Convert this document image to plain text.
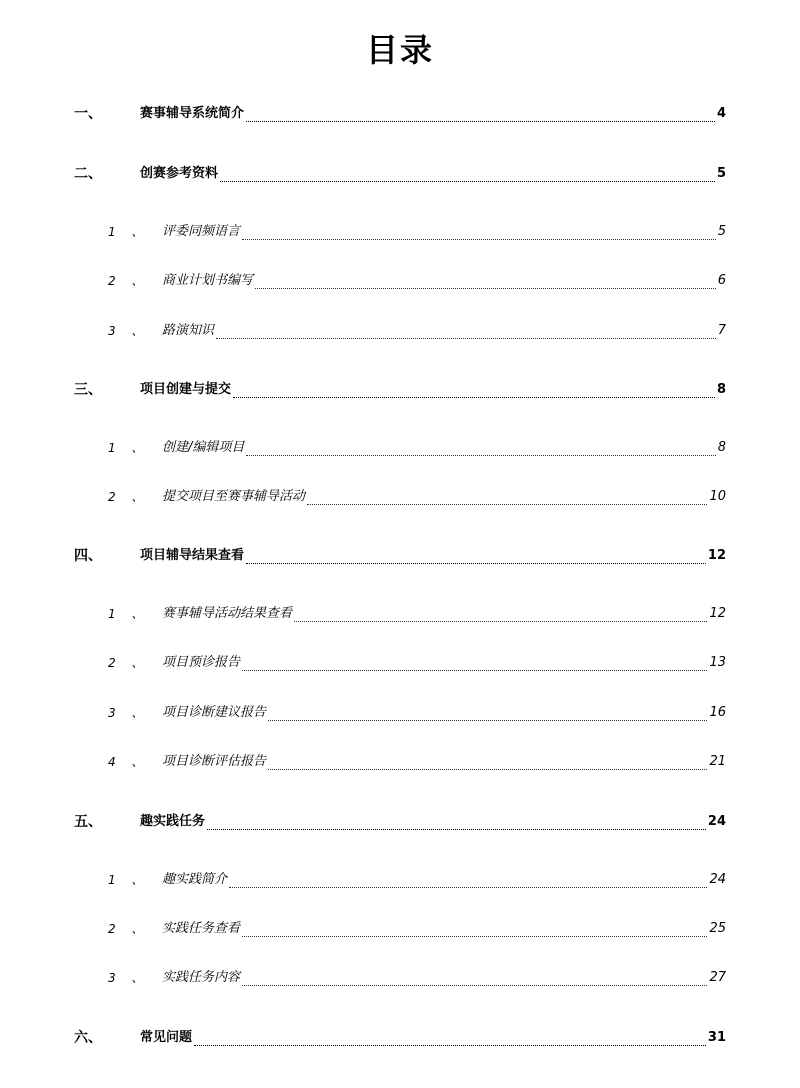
目录
一、	赛事辅导系统简介	4
二、	创赛参考资料	5
1 、 评委同频语言	5
2 、 商业计划书编写	6
3 、 路演知识	7
三、	项目创建与提交	8
1 、 创建/编辑项目	8
2 、 提交项目至赛事辅导活动	10
四、	项目辅导结果查看	12
1 、 赛事辅导活动结果查看	12
2 、 项目预诊报告	13
3 、 项目诊断建议报告	16
4 、 项目诊断评估报告	21
五、	趣实践任务	24
1 、 趣实践简介	24
2 、 实践任务查看	25
3 、 实践任务内容	27
六、	常见问题	31
